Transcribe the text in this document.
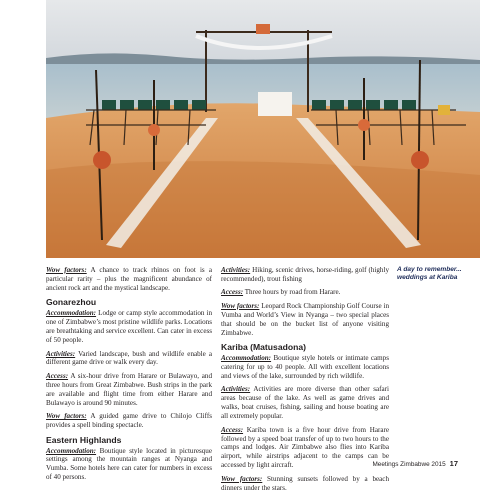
Wow factors: A chance to track rhinos on foot is a particular rarity – plus the magnificent abundance of ancient rock art and the mystical landscape.

Gonarezhou

Accommodation: Lodge or camp style accommodation in one of Zimbabwe’s most pristine wildlife parks. Locations are breathtaking and service excellent. Can cater in excess of 50 people.

Activities: Varied landscape, bush and wildlife enable a different game drive or walk every day.

Access: A six-hour drive from Harare or Bulawayo, and three hours from Great Zimbabwe. Bush strips in the park are available and flight time from either Harare and Bulawayo is around 90 minutes.

Wow factors: A guided game drive to Chilojo Cliffs provides a spell binding spectacle.

Eastern Highlands

Accommodation: Boutique style located in picturesque settings among the mountain ranges at Nyanga and Vumba. Some hotels here can cater for numbers in excess of 40 persons.

Activities: Hiking, scenic drives, horse-riding, golf (highly recommended), trout fishing

Access: Three hours by road from Harare.

Wow factors: Leopard Rock Championship Golf Course in Vumba and World’s View in Nyanga – two special places that should be on the bucket list of anyone visiting Zimbabwe.

Kariba (Matusadona)

Accommodation: Boutique style hotels or intimate camps catering for up to 40 people. All with excellent locations and views of the lake, surrounded by rich wildlife.

Activities: Activities are more diverse than other safari areas because of the lake. As well as game drives and walks, boat cruises, fishing, sailing and house boating are all extremely popular.

Access: Kariba town is a five hour drive from Harare followed by a speed boat transfer of up to two hours to the camps and lodges. Air Zimbabwe also flies into Kariba airport, while airstrips adjacent to the camps can be accessed by light aircraft.

Wow factors: Stunning sunsets followed by a beach dinners under the stars.

A day to remember... weddings at Kariba
Meetings Zimbabwe 2015 17
